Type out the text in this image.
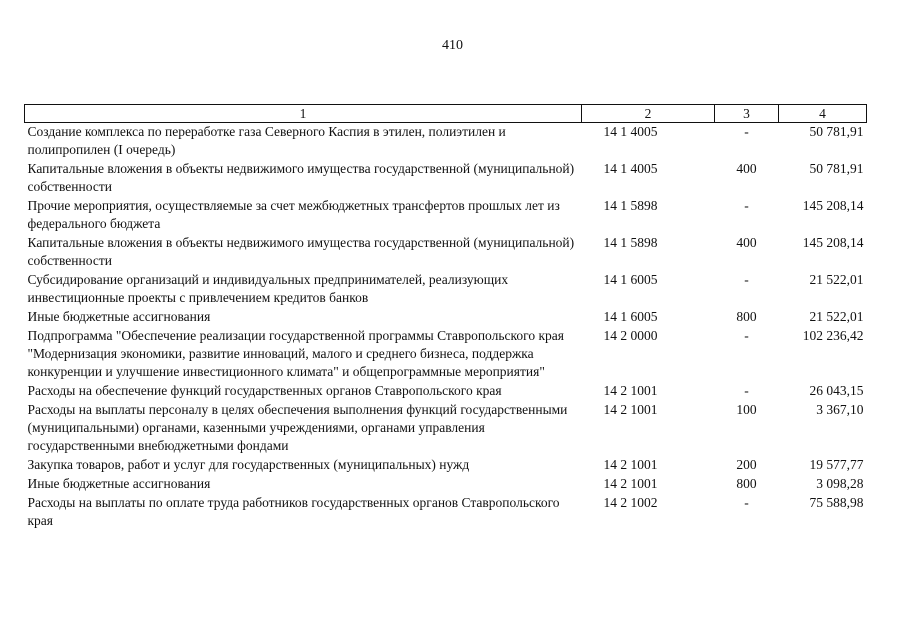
410
1	2	3	4
Создание комплекса по переработке газа Северного Каспия в этилен, полиэтилен и полипропилен (I очередь)	14 1 4005	-	50 781,91
Капитальные вложения в объекты недвижимого имущества государственной (муниципальной) собственности	14 1 4005	400	50 781,91
Прочие мероприятия, осуществляемые за счет межбюджетных трансфертов прошлых лет из федерального бюджета	14 1 5898	-	145 208,14
Капитальные вложения в объекты недвижимого имущества государственной (муниципальной) собственности	14 1 5898	400	145 208,14
Субсидирование организаций и индивидуальных предпринимателей, реализующих инвестиционные проекты с привлечением кредитов банков	14 1 6005	-	21 522,01
Иные бюджетные ассигнования	14 1 6005	800	21 522,01
Подпрограмма "Обеспечение реализации государственной программы Ставропольского края "Модернизация экономики, развитие инноваций, малого и среднего бизнеса, поддержка конкуренции и улучшение инвестиционного климата" и общепрограммные мероприятия"	14 2 0000	-	102 236,42
Расходы на обеспечение функций государственных органов Ставропольского края	14 2 1001	-	26 043,15
Расходы на выплаты персоналу в целях обеспечения выполнения функций государственными (муниципальными) органами, казенными учреждениями, органами управления государственными внебюджетными фондами	14 2 1001	100	3 367,10
Закупка товаров, работ и услуг для государственных (муниципальных) нужд	14 2 1001	200	19 577,77
Иные бюджетные ассигнования	14 2 1001	800	3 098,28
Расходы на выплаты по оплате труда работников государственных органов Ставропольского края	14 2 1002	-	75 588,98
